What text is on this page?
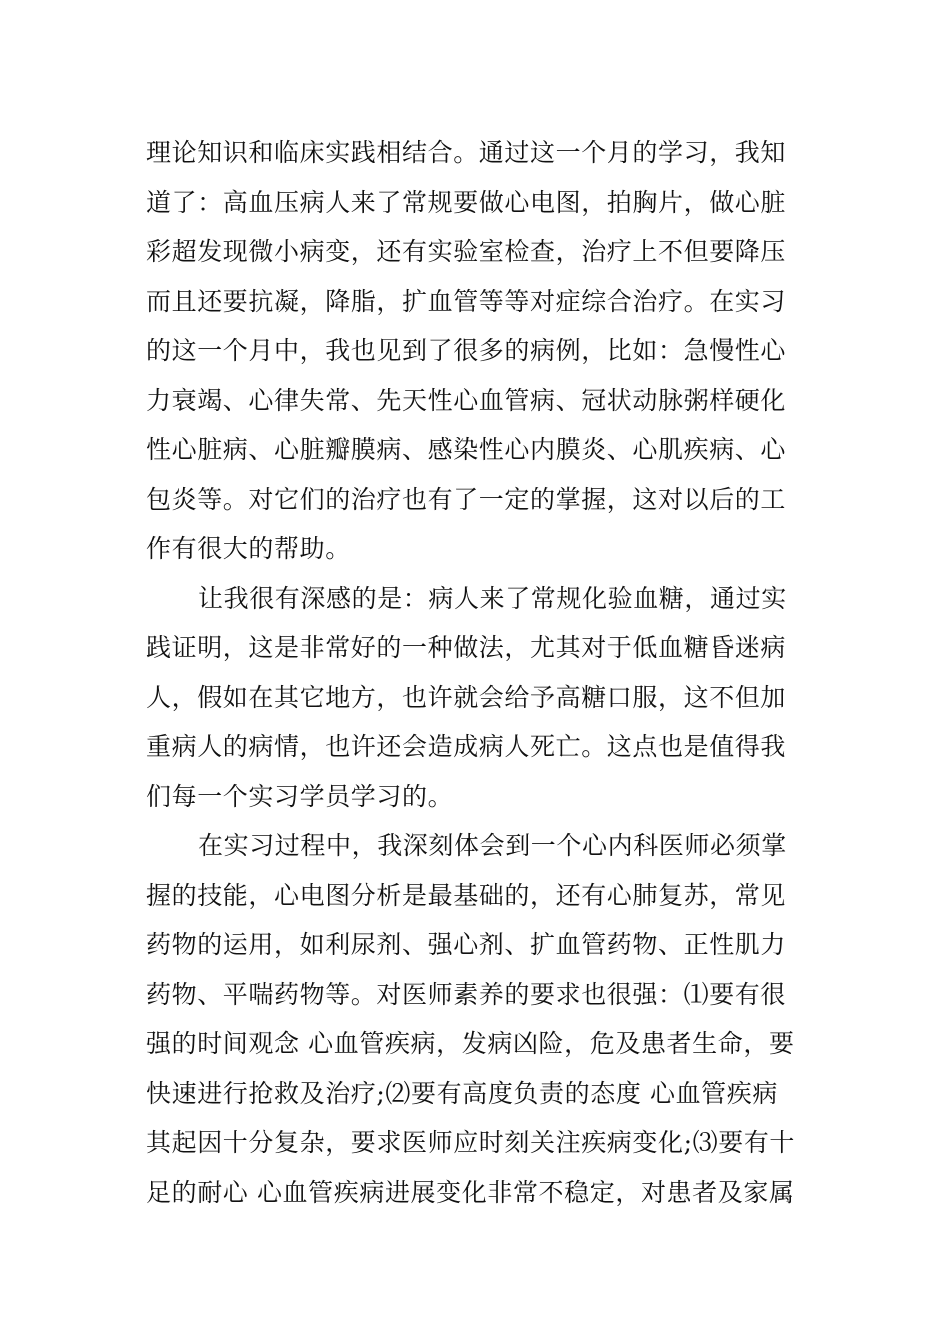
理论知识和临床实践相结合。通过这一个月的学习，我知
道了：高血压病人来了常规要做心电图，拍胸片，做心脏
彩超发现微小病变，还有实验室检查，治疗上不但要降压
而且还要抗凝，降脂，扩血管等等对症综合治疗。在实习
的这一个月中，我也见到了很多的病例，比如：急慢性心
力衰竭、心律失常、先天性心血管病、冠状动脉粥样硬化
性心脏病、心脏瓣膜病、感染性心内膜炎、心肌疾病、心
包炎等。对它们的治疗也有了一定的掌握，这对以后的工
作有很大的帮助。
让我很有深感的是：病人来了常规化验血糖，通过实
践证明，这是非常好的一种做法，尤其对于低血糖昏迷病
人，假如在其它地方，也许就会给予高糖口服，这不但加
重病人的病情，也许还会造成病人死亡。这点也是值得我
们每一个实习学员学习的。
在实习过程中，我深刻体会到一个心内科医师必须掌
握的技能，心电图分析是最基础的，还有心肺复苏，常见
药物的运用，如利尿剂、强心剂、扩血管药物、正性肌力
药物、平喘药物等。对医师素养的要求也很强：⑴要有很
强的时间观念 心血管疾病，发病凶险，危及患者生命，要
快速进行抢救及治疗;⑵要有高度负责的态度 心血管疾病
其起因十分复杂，要求医师应时刻关注疾病变化;⑶要有十
足的耐心 心血管疾病进展变化非常不稳定，对患者及家属
